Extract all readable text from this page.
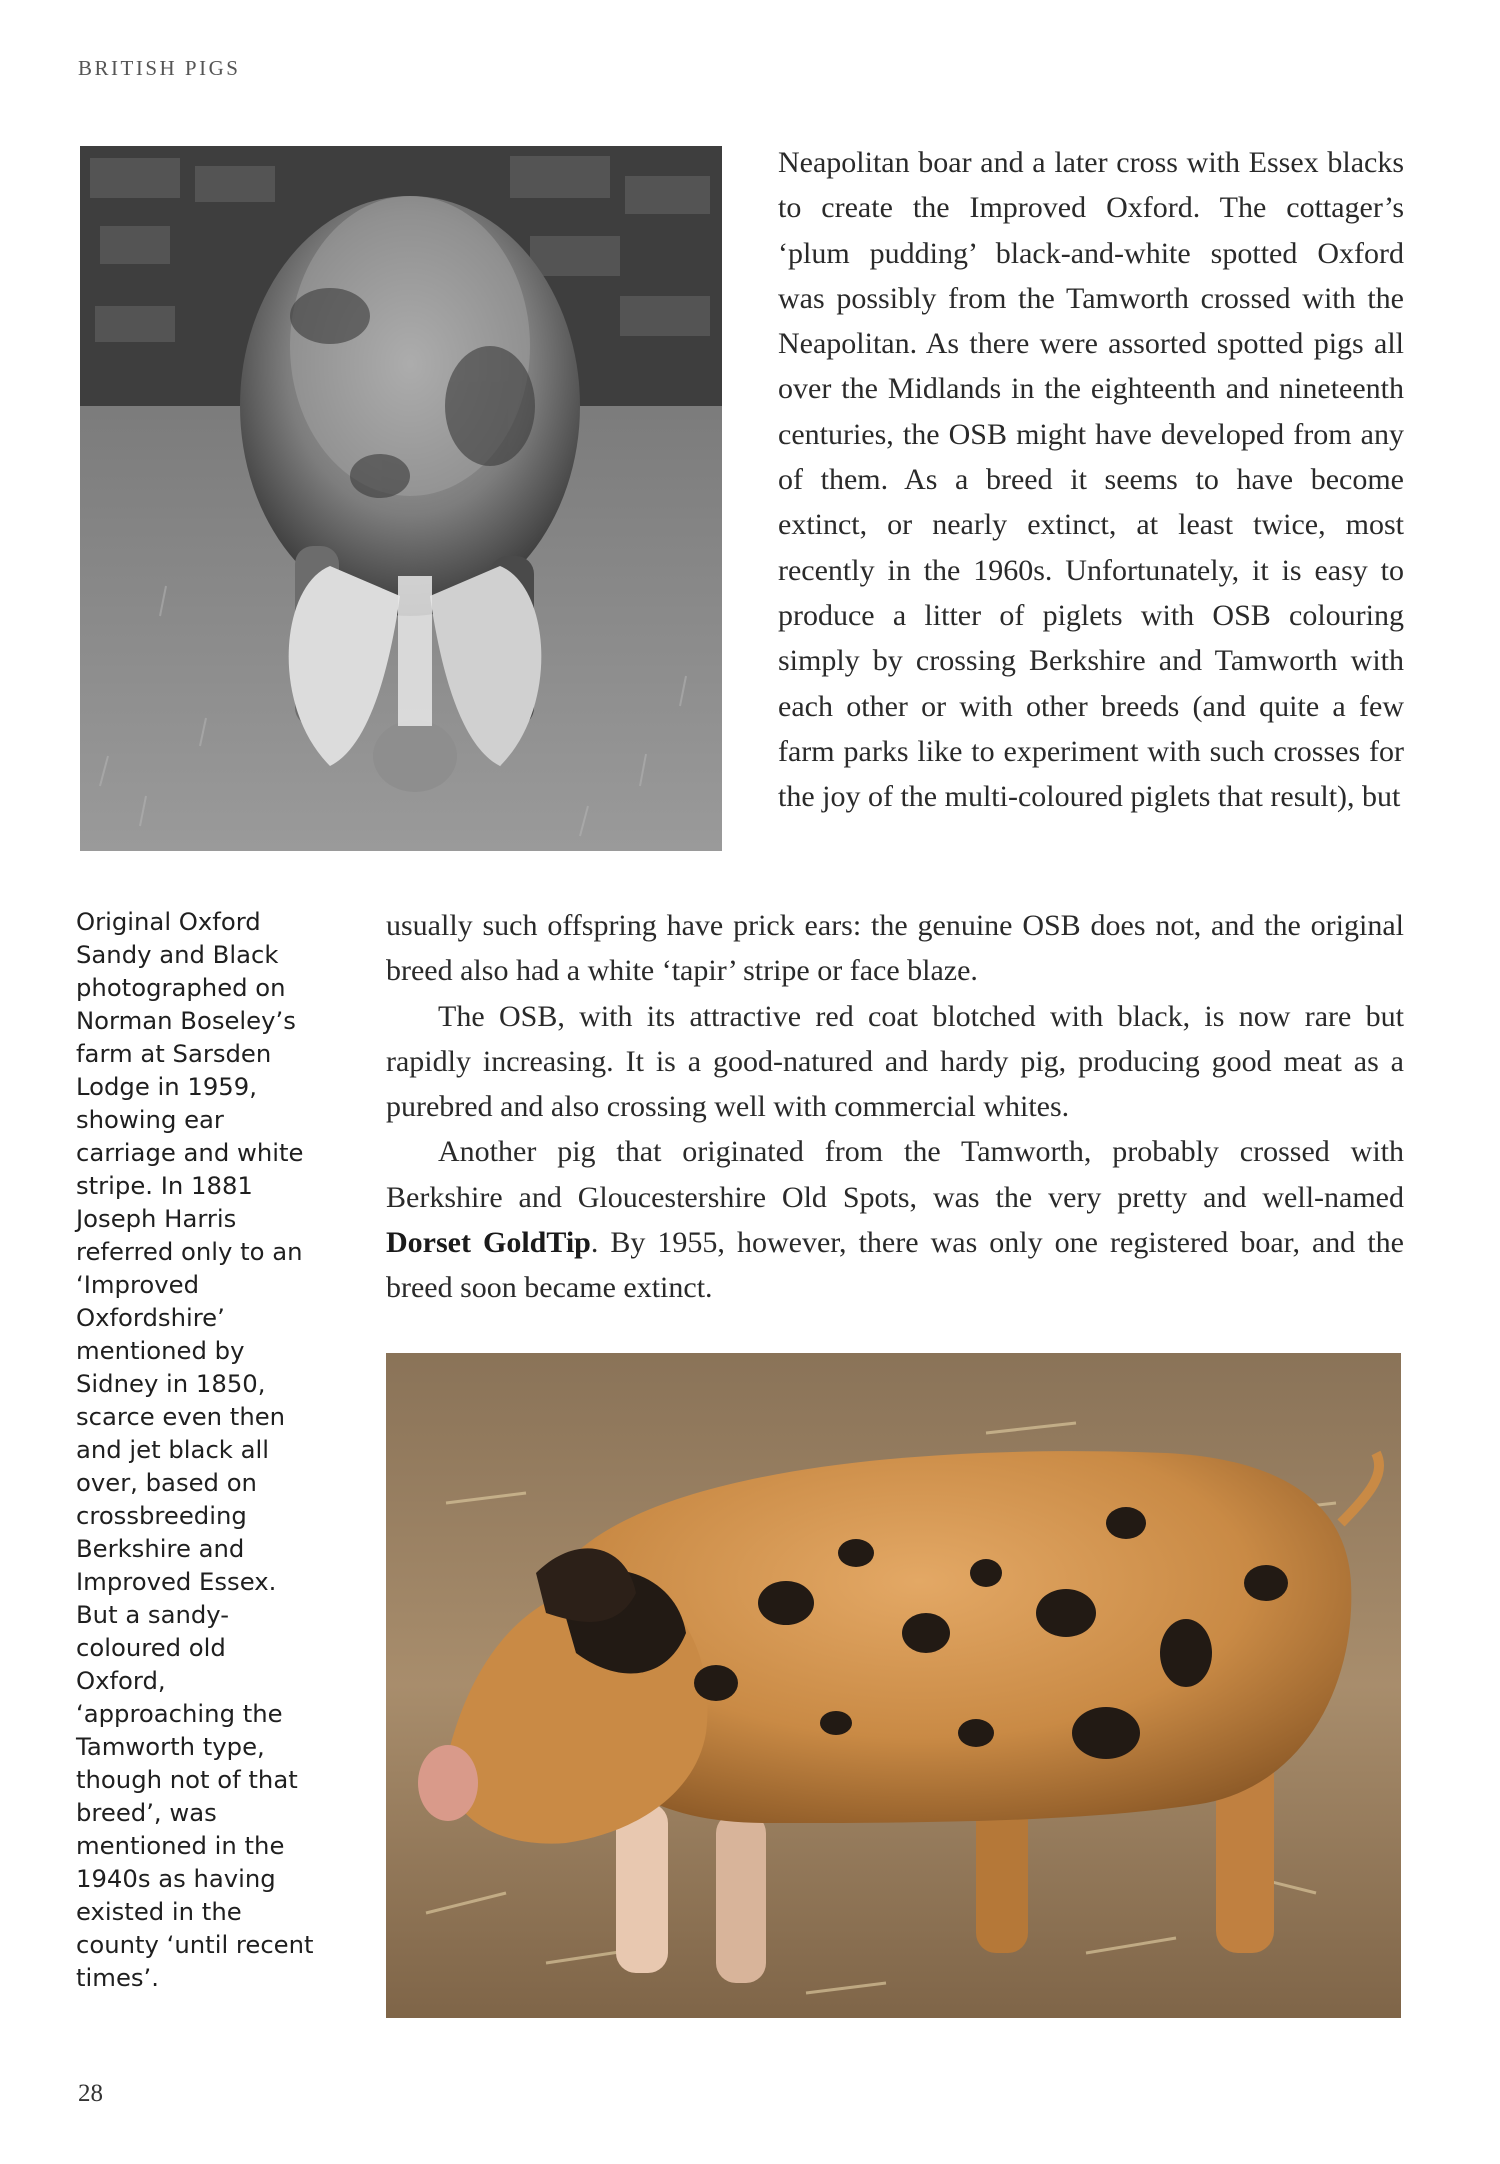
BRITISH PIGS

Neapolitan boar and a later cross with Essex blacks to create the Improved Oxford. The cottager’s ‘plum pudding’ black-and-white spotted Oxford was possibly from the Tamworth crossed with the Neapolitan. As there were assorted spotted pigs all over the Midlands in the eighteenth and nineteenth centuries, the OSB might have developed from any of them. As a breed it seems to have become extinct, or nearly extinct, at least twice, most recently in the 1960s. Unfortunately, it is easy to produce a litter of piglets with OSB colouring simply by crossing Berkshire and Tamworth with each other or with other breeds (and quite a few farm parks like to experiment with such crosses for the joy of the multi-coloured piglets that result), but

usually such offspring have prick ears: the genuine OSB does not, and the original breed also had a white ‘tapir’ stripe or face blaze.

The OSB, with its attractive red coat blotched with black, is now rare but rapidly increasing. It is a good-natured and hardy pig, producing good meat as a purebred and also crossing well with commercial whites.

Another pig that originated from the Tamworth, probably crossed with Berkshire and Gloucestershire Old Spots, was the very pretty and well-named Dorset GoldTip. By 1955, however, there was only one registered boar, and the breed soon became extinct.

Original Oxford Sandy and Black photographed on Norman Boseley’s farm at Sarsden Lodge in 1959, showing ear carriage and white stripe. In 1881 Joseph Harris referred only to an ‘Improved Oxfordshire’ mentioned by Sidney in 1850, scarce even then and jet black all over, based on crossbreeding Berkshire and Improved Essex. But a sandy-coloured old Oxford, ‘approaching the Tamworth type, though not of that breed’, was mentioned in the 1940s as having existed in the county ‘until recent times’.

28
